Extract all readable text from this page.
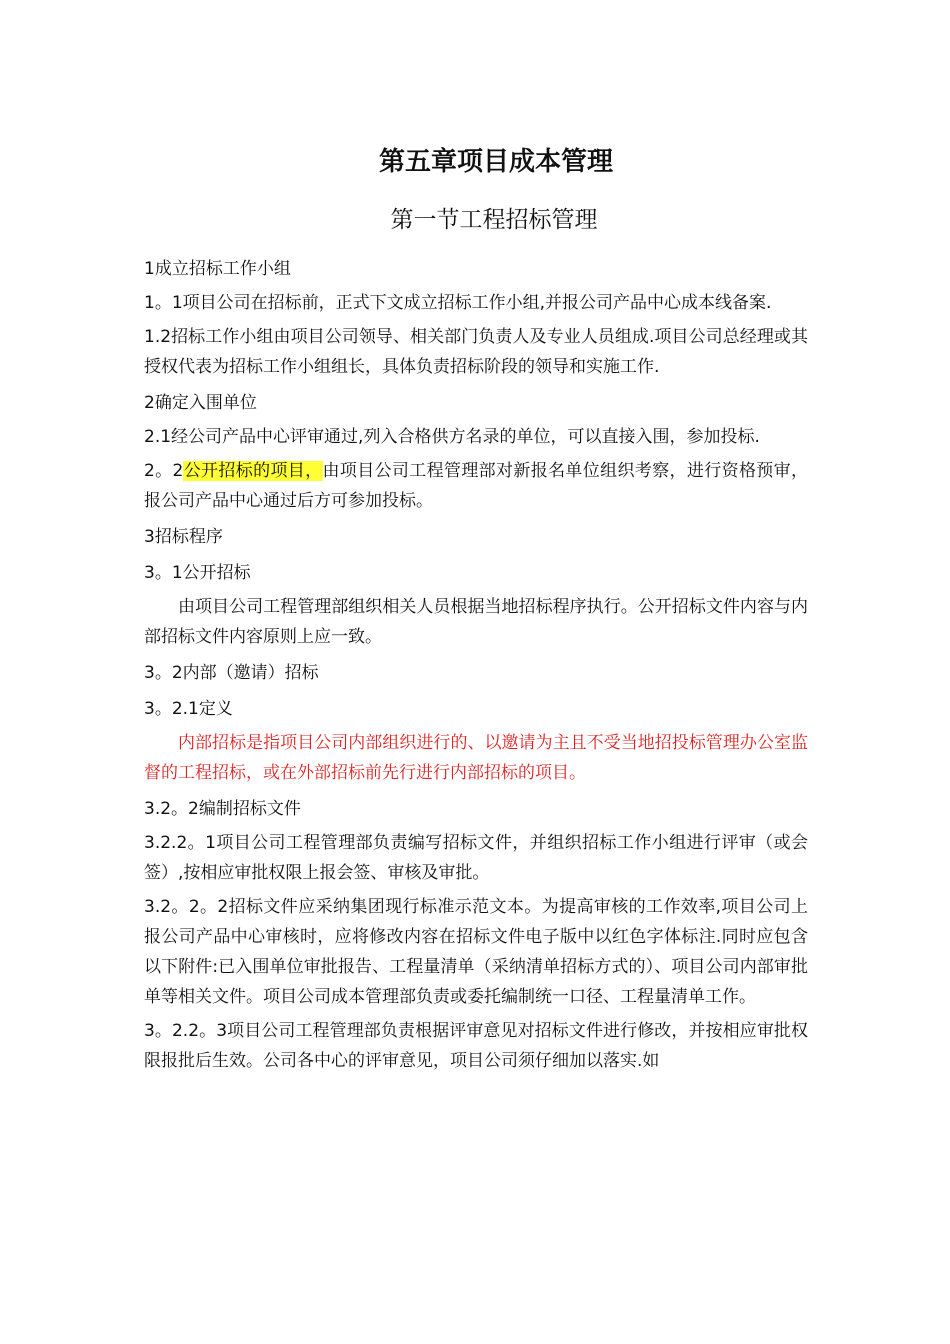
第五章项目成本管理
第一节工程招标管理
1成立招标工作小组
1。1项目公司在招标前，正式下文成立招标工作小组,并报公司产品中心成本线备案.
1.2招标工作小组由项目公司领导、相关部门负责人及专业人员组成.项目公司总经理或其授权代表为招标工作小组组长，具体负责招标阶段的领导和实施工作.
2确定入围单位
2.1经公司产品中心评审通过,列入合格供方名录的单位，可以直接入围，参加投标.
2。2公开招标的项目，由项目公司工程管理部对新报名单位组织考察，进行资格预审，报公司产品中心通过后方可参加投标。
3招标程序
3。1公开招标
由项目公司工程管理部组织相关人员根据当地招标程序执行。公开招标文件内容与内部招标文件内容原则上应一致。
3。2内部（邀请）招标
3。2.1定义
内部招标是指项目公司内部组织进行的、以邀请为主且不受当地招投标管理办公室监督的工程招标，或在外部招标前先行进行内部招标的项目。
3.2。2编制招标文件
3.2.2。1项目公司工程管理部负责编写招标文件，并组织招标工作小组进行评审（或会签）,按相应审批权限上报会签、审核及审批。
3.2。2。2招标文件应采纳集团现行标准示范文本。为提高审核的工作效率,项目公司上报公司产品中心审核时，应将修改内容在招标文件电子版中以红色字体标注.同时应包含以下附件:已入围单位审批报告、工程量清单（采纳清单招标方式的）、项目公司内部审批单等相关文件。项目公司成本管理部负责或委托编制统一口径、工程量清单工作。
3。2.2。3项目公司工程管理部负责根据评审意见对招标文件进行修改，并按相应审批权限报批后生效。公司各中心的评审意见，项目公司须仔细加以落实.如
